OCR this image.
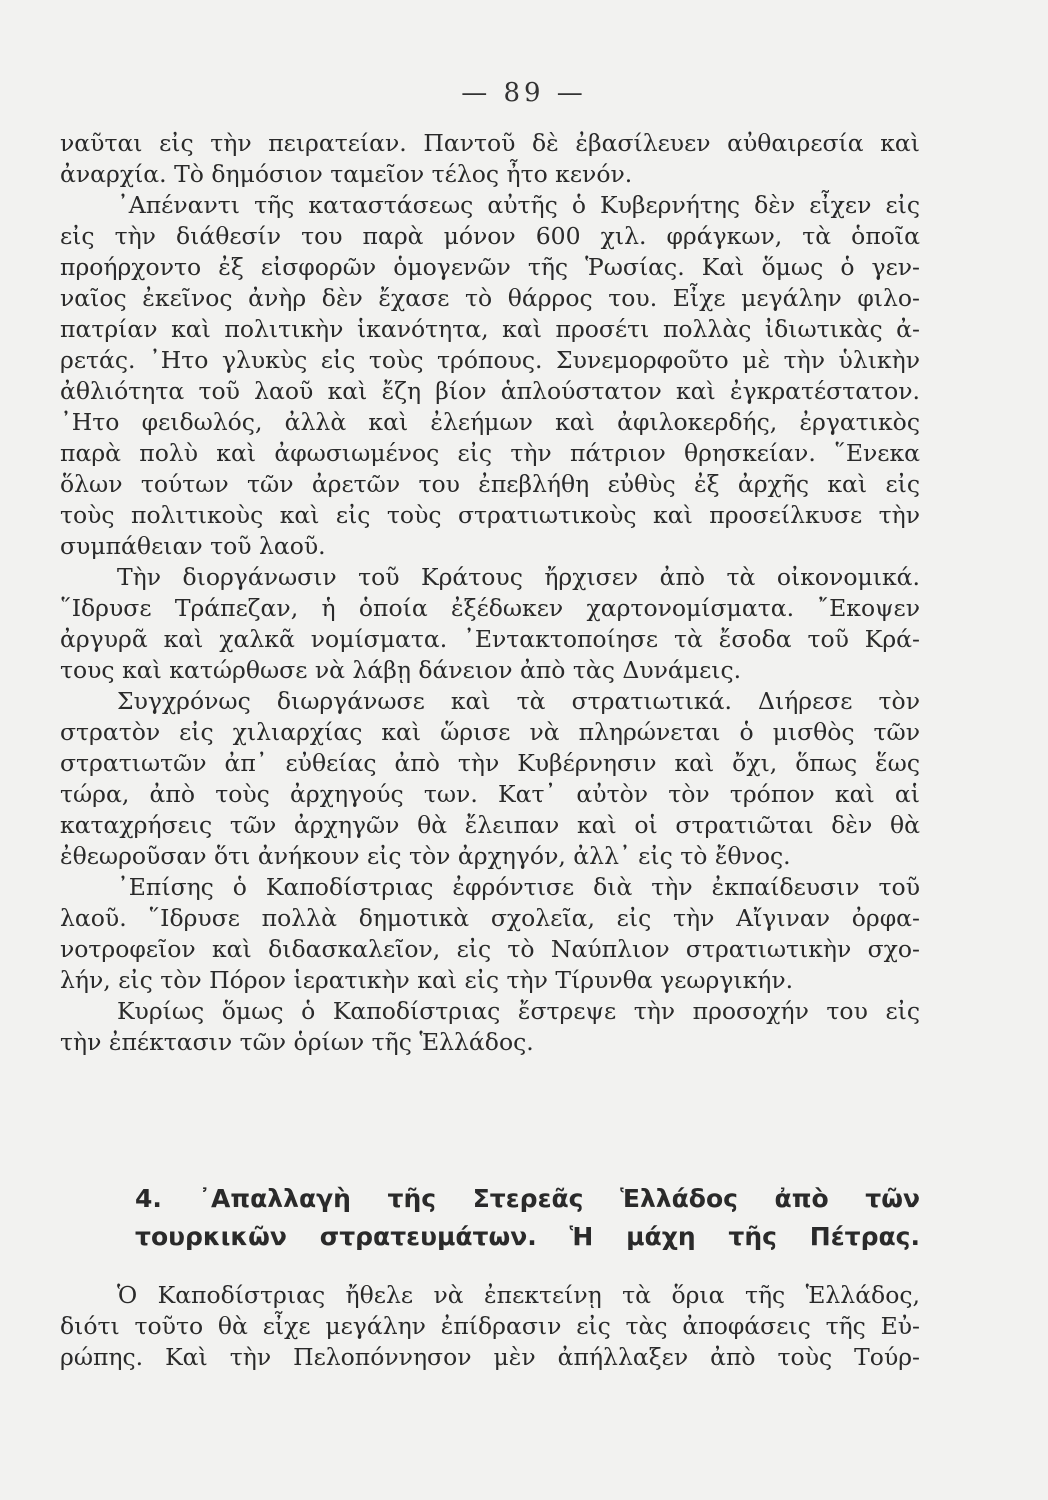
— 89 —
ναῦται εἰς τὴν πειρατείαν. Παντοῦ δὲ ἐβασίλευεν αὐθαιρεσία καὶ
ἀναρχία. Τὸ δημόσιον ταμεῖον τέλος ἦτο κενόν.
᾿Απέναντι τῆς καταστάσεως αὐτῆς ὁ Κυβερνήτης δὲν εἶχεν εἰς
εἰς τὴν διάθεσίν του παρὰ μόνον 600 χιλ. φράγκων, τὰ ὁποῖα
προήρχοντο ἐξ εἰσφορῶν ὁμογενῶν τῆς Ῥωσίας. Καὶ ὅμως ὁ γεν-
ναῖος ἐκεῖνος ἀνὴρ δὲν ἔχασε τὸ θάρρος του. Εἶχε μεγάλην φιλο-
πατρίαν καὶ πολιτικὴν ἱκανότητα, καὶ προσέτι πολλὰς ἰδιωτικὰς ἀ-
ρετάς. ᾿Ητο γλυκὺς εἰς τοὺς τρόπους. Συνεμορφοῦτο μὲ τὴν ὑλικὴν
ἀθλιότητα τοῦ λαοῦ καὶ ἔζη βίον ἁπλούστατον καὶ ἐγκρατέστατον.
᾿Ητο φειδωλός, ἀλλὰ καὶ ἐλεήμων καὶ ἀφιλοκερδής, ἐργατικὸς
παρὰ πολὺ καὶ ἀφωσιωμένος εἰς τὴν πάτριον θρησκείαν. ῞Ενεκα
ὅλων τούτων τῶν ἀρετῶν του ἐπεβλήθη εὐθὺς ἐξ ἀρχῆς καὶ εἰς
τοὺς πολιτικοὺς καὶ εἰς τοὺς στρατιωτικοὺς καὶ προσείλκυσε τὴν
συμπάθειαν τοῦ λαοῦ.
Τὴν διοργάνωσιν τοῦ Κράτους ἤρχισεν ἀπὸ τὰ οἰκονομικά.
῞Ιδρυσε Τράπεζαν, ἡ ὁποία ἐξέδωκεν χαρτονομίσματα. ῎Εκοψεν
ἀργυρᾶ καὶ χαλκᾶ νομίσματα. ᾿Εντακτοποίησε τὰ ἔσοδα τοῦ Κρά-
τους καὶ κατώρθωσε νὰ λάβῃ δάνειον ἀπὸ τὰς Δυνάμεις.
Συγχρόνως διωργάνωσε καὶ τὰ στρατιωτικά. Διήρεσε τὸν
στρατὸν εἰς χιλιαρχίας καὶ ὥρισε νὰ πληρώνεται ὁ μισθὸς τῶν
στρατιωτῶν ἀπ᾿ εὐθείας ἀπὸ τὴν Κυβέρνησιν καὶ ὄχι, ὅπως ἕως
τώρα, ἀπὸ τοὺς ἀρχηγούς των. Κατ᾿ αὐτὸν τὸν τρόπον καὶ αἱ
καταχρήσεις τῶν ἀρχηγῶν θὰ ἔλειπαν καὶ οἱ στρατιῶται δὲν θὰ
ἐθεωροῦσαν ὅτι ἀνήκουν εἰς τὸν ἀρχηγόν, ἀλλ᾿ εἰς τὸ ἔθνος.
᾿Επίσης ὁ Καποδίστριας ἐφρόντισε διὰ τὴν ἐκπαίδευσιν τοῦ
λαοῦ. ῞Ιδρυσε πολλὰ δημοτικὰ σχολεῖα, εἰς τὴν Αἴγιναν ὀρφα-
νοτροφεῖον καὶ διδασκαλεῖον, εἰς τὸ Ναύπλιον στρατιωτικὴν σχο-
λήν, εἰς τὸν Πόρον ἱερατικὴν καὶ εἰς τὴν Τίρυνθα γεωργικήν.
Κυρίως ὅμως ὁ Καποδίστριας ἔστρεψε τὴν προσοχήν του εἰς
τὴν ἐπέκτασιν τῶν ὁρίων τῆς Ἑλλάδος.
4. ᾿Απαλλαγὴ τῆς Στερεᾶς Ἑλλάδος ἀπὸ τῶν
τουρκικῶν στρατευμάτων. Ἡ μάχη τῆς Πέτρας.
Ὁ Καποδίστριας ἤθελε νὰ ἐπεκτείνῃ τὰ ὅρια τῆς Ἑλλάδος,
διότι τοῦτο θὰ εἶχε μεγάλην ἐπίδρασιν εἰς τὰς ἀποφάσεις τῆς Εὐ-
ρώπης. Καὶ τὴν Πελοπόννησον μὲν ἀπήλλαξεν ἀπὸ τοὺς Τούρ-
